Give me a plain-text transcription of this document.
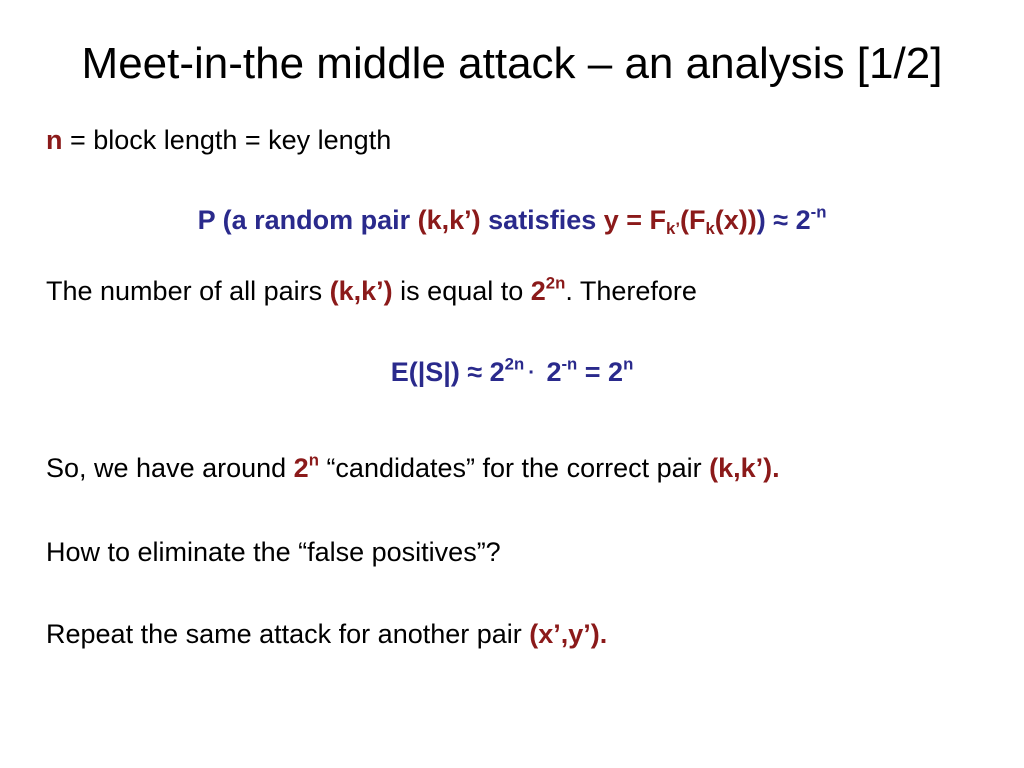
Meet-in-the middle attack – an analysis [1/2]
n = block length = key length
P (a random pair (k,k’) satisfies $y = F_{k’}(F_k(x))) \approx 2^{-n}$
The number of all pairs (k,k’) is equal to $2^{2n}$. Therefore
$E(|S|) \approx 2^{2n} \cdot 2^{-n} = 2^n$
So, we have around 2$^n$ “candidates” for the correct pair (k,k’).
How to eliminate the “false positives”?
Repeat the same attack for another pair (x’,y’).
